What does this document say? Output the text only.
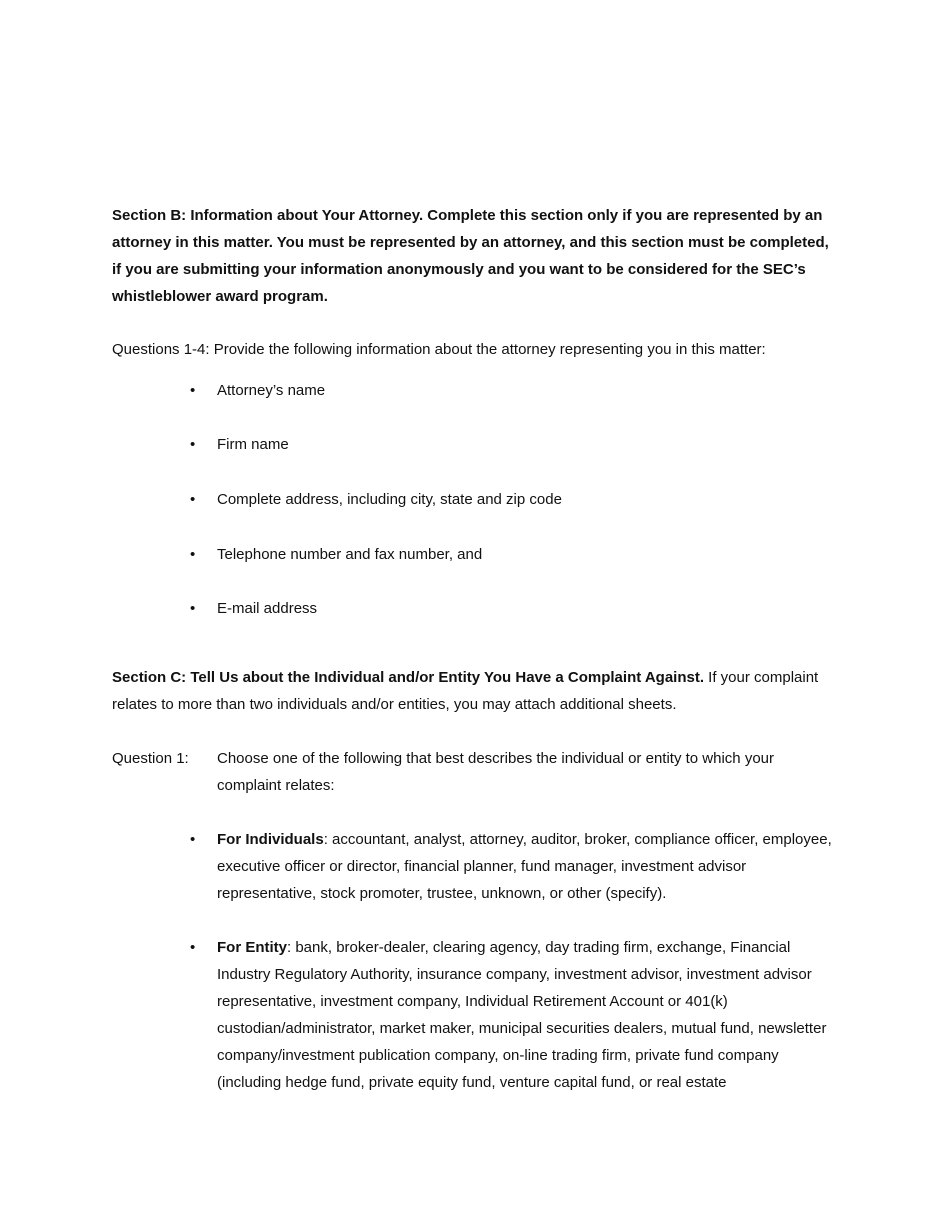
Section B: Information about Your Attorney. Complete this section only if you are represented by an attorney in this matter. You must be represented by an attorney, and this section must be completed, if you are submitting your information anonymously and you want to be considered for the SEC’s whistleblower award program.

Questions 1-4: Provide the following information about the attorney representing you in this matter:

•	Attorney’s name
•	Firm name
•	Complete address, including city, state and zip code
•	Telephone number and fax number, and
•	E-mail address

Section C: Tell Us about the Individual and/or Entity You Have a Complaint Against. If your complaint relates to more than two individuals and/or entities, you may attach additional sheets.

Question 1: Choose one of the following that best describes the individual or entity to which your complaint relates:
•	For Individuals: accountant, analyst, attorney, auditor, broker, compliance officer, employee, executive officer or director, financial planner, fund manager, investment advisor representative, stock promoter, trustee, unknown, or other (specify).
•	For Entity: bank, broker-dealer, clearing agency, day trading firm, exchange, Financial Industry Regulatory Authority, insurance company, investment advisor, investment advisor representative, investment company, Individual Retirement Account or 401(k) custodian/administrator, market maker, municipal securities dealers, mutual fund, newsletter company/investment publication company, on-line trading firm, private fund company (including hedge fund, private equity fund, venture capital fund, or real estate
